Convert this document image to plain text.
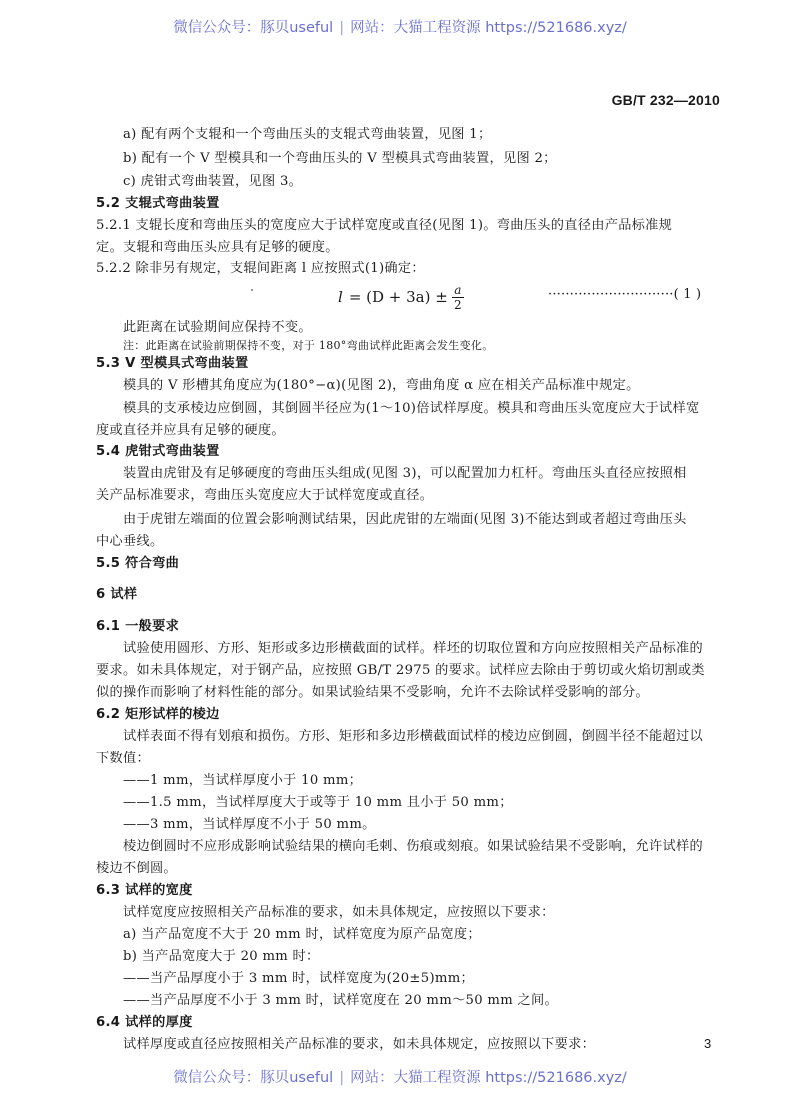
微信公众号：豚贝useful | 网站：大猫工程资源 https://521686.xyz/
GB/T 232—2010
a) 配有两个支辊和一个弯曲压头的支辊式弯曲装置，见图 1；
b) 配有一个 V 型模具和一个弯曲压头的 V 型模具式弯曲装置，见图 2；
c) 虎钳式弯曲装置，见图 3。
5.2 支辊式弯曲装置
5.2.1 支辊长度和弯曲压头的宽度应大于试样宽度或直径(见图 1)。弯曲压头的直径由产品标准规
定。支辊和弯曲压头应具有足够的硬度。
5.2.2 除非另有规定，支辊间距离 l 应按照式(1)确定：
$l = (D + 3a) \pm \frac{a}{2}$	·····························( 1 )
此距离在试验期间应保持不变。
注：此距离在试验前期保持不变，对于 180°弯曲试样此距离会发生变化。
5.3 V 型模具式弯曲装置
模具的 V 形槽其角度应为(180°−α)(见图 2)，弯曲角度 α 应在相关产品标准中规定。
模具的支承棱边应倒圆，其倒圆半径应为(1～10)倍试样厚度。模具和弯曲压头宽度应大于试样宽
度或直径并应具有足够的硬度。
5.4 虎钳式弯曲装置
装置由虎钳及有足够硬度的弯曲压头组成(见图 3)，可以配置加力杠杆。弯曲压头直径应按照相
关产品标准要求，弯曲压头宽度应大于试样宽度或直径。
由于虎钳左端面的位置会影响测试结果，因此虎钳的左端面(见图 3)不能达到或者超过弯曲压头
中心垂线。
5.5 符合弯曲
6 试样
6.1 一般要求
试验使用圆形、方形、矩形或多边形横截面的试样。样坯的切取位置和方向应按照相关产品标准的
要求。如未具体规定，对于钢产品，应按照 GB/T 2975 的要求。试样应去除由于剪切或火焰切割或类
似的操作而影响了材料性能的部分。如果试验结果不受影响，允许不去除试样受影响的部分。
6.2 矩形试样的棱边
试样表面不得有划痕和损伤。方形、矩形和多边形横截面试样的棱边应倒圆，倒圆半径不能超过以
下数值：
——1 mm，当试样厚度小于 10 mm；
——1.5 mm，当试样厚度大于或等于 10 mm 且小于 50 mm；
——3 mm，当试样厚度不小于 50 mm。
棱边倒圆时不应形成影响试验结果的横向毛刺、伤痕或刻痕。如果试验结果不受影响，允许试样的
棱边不倒圆。
6.3 试样的宽度
试样宽度应按照相关产品标准的要求，如未具体规定，应按照以下要求：
a) 当产品宽度不大于 20 mm 时，试样宽度为原产品宽度；
b) 当产品宽度大于 20 mm 时：
——当产品厚度小于 3 mm 时，试样宽度为(20±5)mm；
——当产品厚度不小于 3 mm 时，试样宽度在 20 mm～50 mm 之间。
6.4 试样的厚度
试样厚度或直径应按照相关产品标准的要求，如未具体规定，应按照以下要求：	3
微信公众号：豚贝useful | 网站：大猫工程资源 https://521686.xyz/
